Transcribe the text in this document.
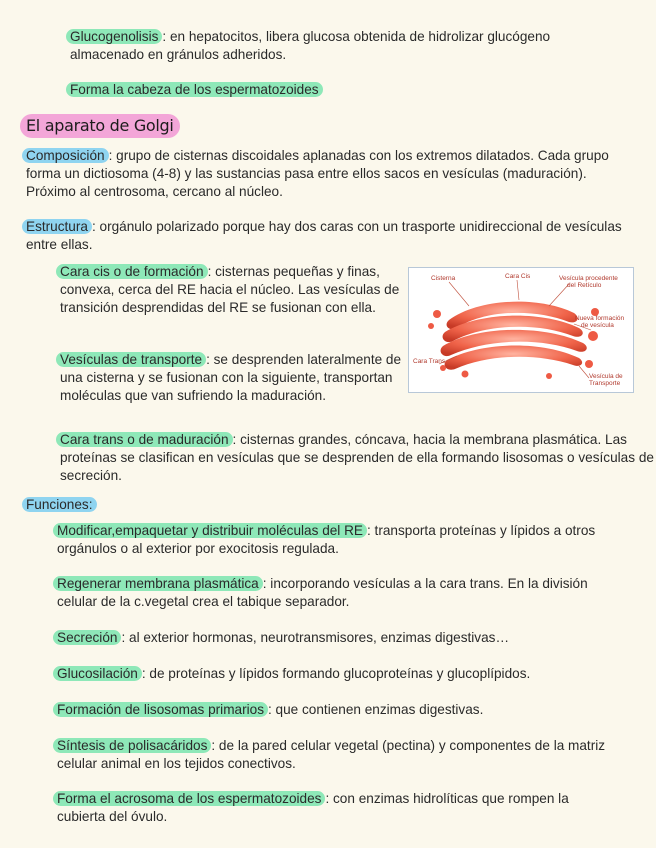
Glucogenolisis : en hepatocitos, libera glucosa obtenida de hidrolizar glucógeno almacenado en gránulos adheridos.
Forma la cabeza de los espermatozoides
El aparato de Golgi
Composición : grupo de cisternas discoidales aplanadas con los extremos dilatados. Cada grupo forma un dictiosoma (4-8) y las sustancias pasa entre ellos sacos en vesículas (maduración). Próximo al centrosoma, cercano al núcleo.
Estructura : orgánulo polarizado porque hay dos caras con un trasporte unidireccional de vesículas entre ellas.
Cara cis o de formación : cisternas pequeñas y finas, convexa, cerca del RE hacia el núcleo. Las vesículas de transición desprendidas del RE se fusionan con ella.
Vesículas de transporte : se desprenden lateralmente de una cisterna y se fusionan con la siguiente, transportan moléculas que van sufriendo la maduración.
Cara trans o de maduración : cisternas grandes, cóncava, hacia la membrana plasmática. Las proteínas se clasifican en vesículas que se desprenden de ella formando lisosomas o vesículas de secreción.
Cisterna	Cara Cis	Vesícula procedente
del Retículo
Nueva formación
de vesícula
Cara Trans
Vesícula de
Transporte
Funciones:
Modificar,empaquetar y distribuir moléculas del RE : transporta proteínas y lípidos a otros orgánulos o al exterior por exocitosis regulada.
Regenerar membrana plasmática : incorporando vesículas a la cara trans. En la división celular de la c.vegetal crea el tabique separador.
Secreción : al exterior hormonas, neurotransmisores, enzimas digestivas…
Glucosilación : de proteínas y lípidos formando glucoproteínas y glucoplípidos.
Formación de lisosomas primarios : que contienen enzimas digestivas.
Síntesis de polisacáridos : de la pared celular vegetal (pectina) y componentes de la matriz celular animal en los tejidos conectivos.
Forma el acrosoma de los espermatozoides : con enzimas hidrolíticas que rompen la cubierta del óvulo.
